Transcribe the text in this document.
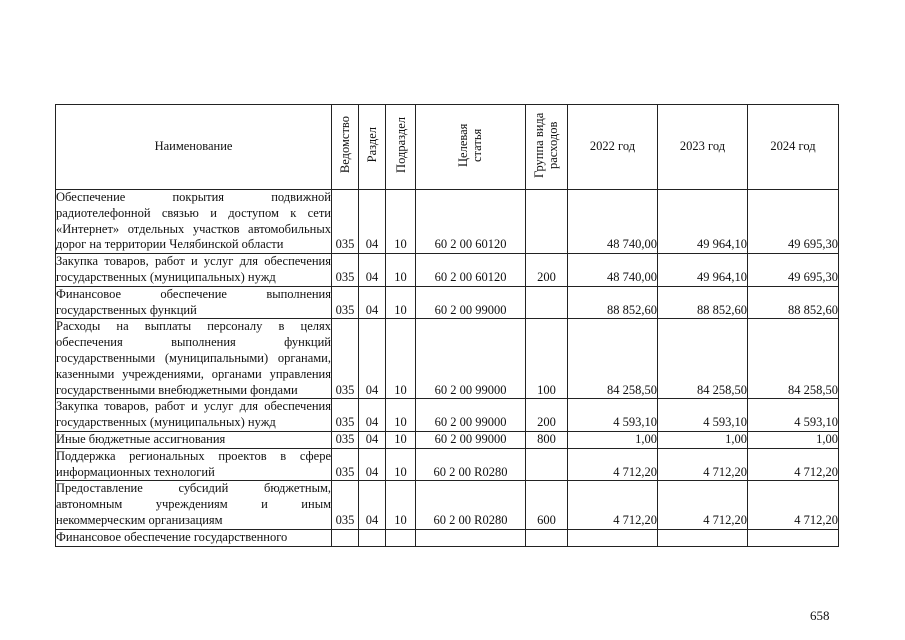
Наименование	Ведомство	Раздел	Подраздел	Целевая статья	Группа вида расходов	2022 год	2023 год	2024 год
Обеспечение покрытия подвижной радиотелефонной связью и доступом к сети «Интернет» отдельных участков автомобильных дорог на территории Челябинской области	035	04	10	60 2 00 60120		48 740,00	49 964,10	49 695,30
Закупка товаров, работ и услуг для обеспечения государственных (муниципальных) нужд	035	04	10	60 2 00 60120	200	48 740,00	49 964,10	49 695,30
Финансовое обеспечение выполнения государственных функций	035	04	10	60 2 00 99000		88 852,60	88 852,60	88 852,60
Расходы на выплаты персоналу в целях обеспечения выполнения функций государственными (муниципальными) органами, казенными учреждениями, органами управления государственными внебюджетными фондами	035	04	10	60 2 00 99000	100	84 258,50	84 258,50	84 258,50
Закупка товаров, работ и услуг для обеспечения государственных (муниципальных) нужд	035	04	10	60 2 00 99000	200	4 593,10	4 593,10	4 593,10
Иные бюджетные ассигнования	035	04	10	60 2 00 99000	800	1,00	1,00	1,00
Поддержка региональных проектов в сфере информационных технологий	035	04	10	60 2 00 R0280		4 712,20	4 712,20	4 712,20
Предоставление субсидий бюджетным, автономным учреждениям и иным некоммерческим организациям	035	04	10	60 2 00 R0280	600	4 712,20	4 712,20	4 712,20
Финансовое обеспечение государственного								
658
